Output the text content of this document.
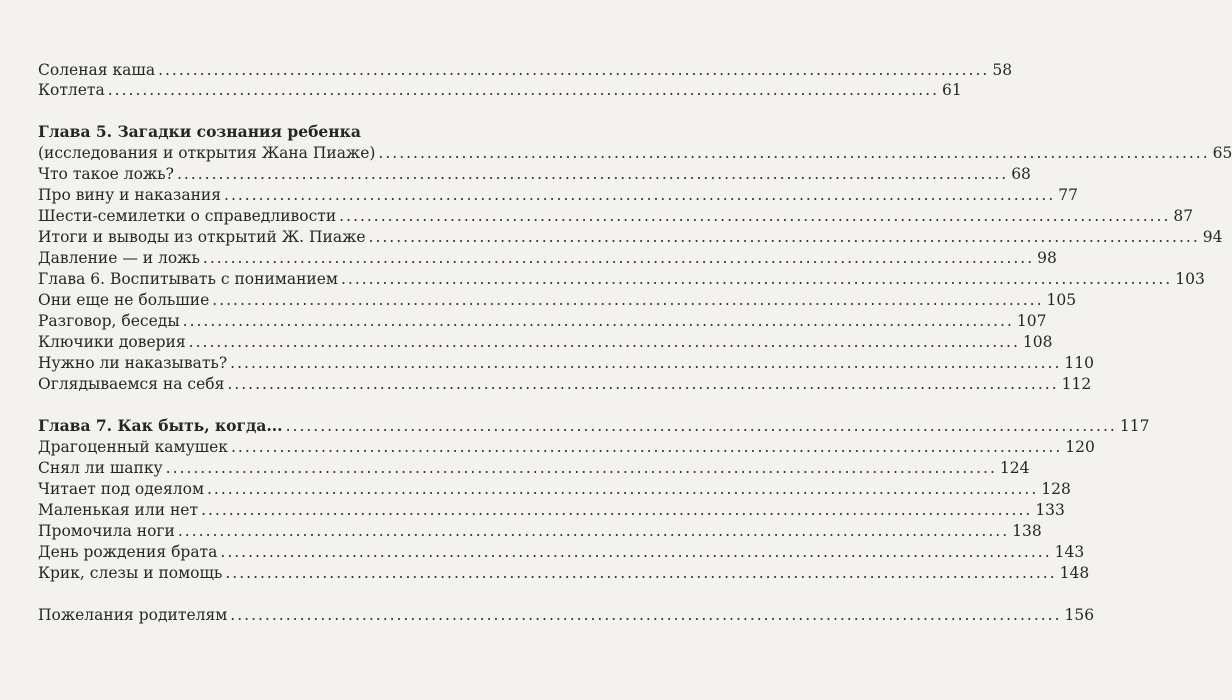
Соленая каша ........................................................................................................................ 58
Котлета ........................................................................................................................ 61
Глава 5. Загадки сознания ребенка
(исследования и открытия Жана Пиаже) ........................................................................................................................ 65
Что такое ложь? ........................................................................................................................ 68
Про вину и наказания ........................................................................................................................ 77
Шести-семилетки о справедливости ........................................................................................................................ 87
Итоги и выводы из открытий Ж. Пиаже ........................................................................................................................ 94
Давление — и ложь ........................................................................................................................ 98
Глава 6. Воспитывать с пониманием ........................................................................................................................ 103
Они еще не большие ........................................................................................................................ 105
Разговор, беседы ........................................................................................................................ 107
Ключики доверия ........................................................................................................................ 108
Нужно ли наказывать? ........................................................................................................................ 110
Оглядываемся на себя ........................................................................................................................ 112
Глава 7. Как быть, когда... ........................................................................................................................ 117
Драгоценный камушек ........................................................................................................................ 120
Снял ли шапку ........................................................................................................................ 124
Читает под одеялом ........................................................................................................................ 128
Маленькая или нет ........................................................................................................................ 133
Промочила ноги ........................................................................................................................ 138
День рождения брата ........................................................................................................................ 143
Крик, слезы и помощь ........................................................................................................................ 148
Пожелания родителям ........................................................................................................................ 156
